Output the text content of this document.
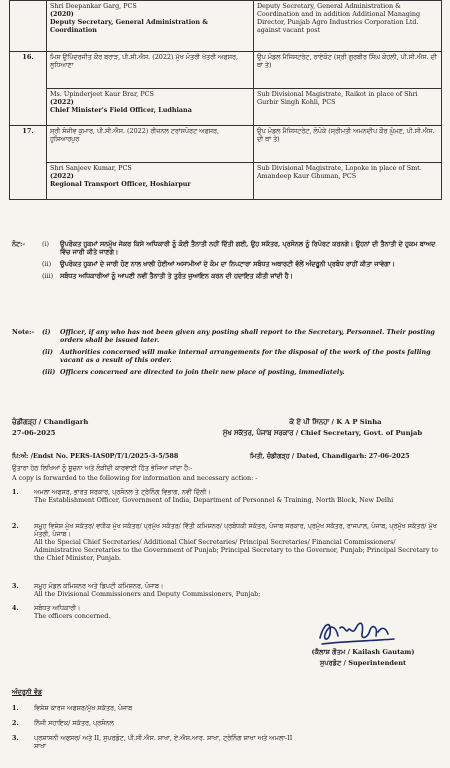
	Shri Deepankar Garg, PCS
(2020)
Deputy Secretary, General Administration & Coordination	Deputy Secretary, General Administration & Coordination and in addition Additional Managing Director, Punjab Agro Industries Corporation Ltd. against vacant post

16.	ਮਿਸ ਉਪਿੰਦਰਜੀਤ ਕੌਰ ਬਰਾੜ, ਪੀ.ਸੀ.ਐਸ. (2022) ਮੁੱਖ ਮੰਤਰੀ ਖੇਤਰੀ ਅਫਸਰ, ਲੁਧਿਆਣਾ	ਉਪ ਮੰਡਲ ਮੈਜਿਸਟਰੇਟ, ਰਾਏਕੋਟ (ਸ੍ਰੀ ਗੁਰਬੀਰ ਸਿੰਘ ਕੋਹਲੀ, ਪੀ.ਸੀ.ਐਸ. ਦੀ ਥਾਂ ਤੇ)

	Ms. Upinderjeet Kaur Brar, PCS
(2022)
Chief Minister's Field Officer, Ludhiana	Sub Divisional Magistrate, Raikot in place of Shri Gurbir Singh Kohli, PCS

17.	ਸ੍ਰੀ ਸੰਜੀਵ ਕੁਮਾਰ, ਪੀ.ਸੀ.ਐਸ. (2022) ਰੀਜਨਲ ਟਰਾਂਸਪੋਰਟ ਅਫਸਰ, ਹੁਸ਼ਿਆਰਪੁਰ	ਉਪ ਮੰਡਲ ਮੈਜਿਸਟਰੇਟ, ਲੋਪੋਕੇ (ਸ੍ਰੀਮਤੀ ਅਮਨਦੀਪ ਕੌਰ ਘੁੰਮਣ, ਪੀ.ਸੀ.ਐਸ. ਦੀ ਥਾਂ ਤੇ)

	Shri Sanjeev Kumar, PCS
(2022)
Regional Transport Officer, Hoshiarpur	Sub Divisional Magistrate, Lopoke in place of Smt. Amandeep Kaur Ghuman, PCS
ਨੋਟ:-	(i)	ਉਪਰੋਕਤ ਹੁਕਮਾਂ ਸਨਮੁੱਖ ਜੇਕਰ ਕਿਸੇ ਅਧਿਕਾਰੀ ਨੂੰ ਕੋਈ ਤੈਨਾਤੀ ਨਹੀਂ ਦਿੱਤੀ ਗਈ, ਉਹ ਸਕੱਤਰ, ਪ੍ਰਸੋਨਲ ਨੂੰ ਰਿਪੋਰਟ ਕਰਨਗੇ। ਉਹਨਾਂ ਦੀ ਤੈਨਾਤੀ ਦੇ ਹੁਕਮ ਬਾਅਦ ਵਿੱਚ ਜਾਰੀ ਕੀਤੇ ਜਾਣਗੇ।
(ii)	ਉਪਰੋਕਤ ਹੁਕਮਾਂ ਦੇ ਜਾਰੀ ਹੋਣ ਨਾਲ ਖਾਲੀ ਹੋਈਆਂ ਅਸਾਮੀਆਂ ਦੇ ਕੰਮ ਦਾ ਨਿਪਟਾਰਾ ਸਬੰਧਤ ਅਥਾਰਟੀ ਵੱਲੋਂ ਅੰਦਰੂਨੀ ਪ੍ਰਬੰਧ ਰਾਹੀਂ ਕੀਤਾ ਜਾਵੇਗਾ।
(iii)	ਸਬੰਧਤ ਅਧਿਕਾਰੀਆਂ ਨੂੰ ਆਪਣੀ ਨਵੀਂ ਤੈਨਾਤੀ ਤੇ ਤੁਰੰਤ ਜੁਆਇਨ ਕਰਨ ਦੀ ਹਦਾਇਤ ਕੀਤੀ ਜਾਂਦੀ ਹੈ।
Note:-	(i)	Officer, if any who has not been given any posting shall report to the Secretary, Personnel. Their posting orders shall be issued later.
(ii)	Authorities concerned will make internal arrangements for the disposal of the work of the posts falling vacant as a result of this order.
(iii) Officers concerned are directed to join their new place of posting, immediately.
ਚੰਡੀਗੜ੍ਹ / Chandigarh
27-06-2025
ਕੇ ਏ ਪੀ ਸਿਨਹਾ / K A P Sinha
ਮੁੱਖ ਸਕੱਤਰ, ਪੰਜਾਬ ਸਰਕਾਰ / Chief Secretary, Govt. of Punjab
ਪਿ:ਅੰ: /Endst No. PERS-IAS0P/T/1/2025-3-5/588	ਮਿਤੀ, ਚੰਡੀਗੜ੍ਹ / Dated, Chandigarh: 27-06-2025
ਉਤਾਰਾ ਹੇਠ ਲਿਖਿਆਂ ਨੂੰ ਸੂਚਨਾ ਅਤੇ ਲੋੜੀਂਦੀ ਕਾਰਵਾਈ ਹਿੱਤ ਭੇਜਿਆ ਜਾਂਦਾ ਹੈ:-
A copy is forwarded to the following for information and necessary action: -
1. ਅਮਲਾ ਅਫਸਰ, ਭਾਰਤ ਸਰਕਾਰ, ਪ੍ਰਸੋਨਲ ਤੇ ਟ੍ਰੇਨਿੰਗ ਵਿਭਾਗ, ਨਵੀਂ ਦਿੱਲੀ।
The Establishment Officer, Government of India, Department of Personnel & Training, North Block, New Delhi
2.	ਸਮੂਹ ਵਿਸ਼ੇਸ਼ ਮੁੱਖ ਸਕੱਤਰ/ ਵਧੀਕ ਮੁੱਖ ਸਕੱਤਰ/ ਪ੍ਰਮੁੱਖ ਸਕੱਤਰ/ ਵਿੱਤੀ ਕਮਿਸ਼ਨਰ/ ਪ੍ਰਬੰਧਕੀ ਸਕੱਤਰ, ਪੰਜਾਬ ਸਰਕਾਰ, ਪ੍ਰਮੁੱਖ ਸਕੱਤਰ, ਰਾਜਪਾਲ, ਪੰਜਾਬ, ਪ੍ਰਮੁੱਖ ਸਕੱਤਰ/ ਮੁੱਖ ਮੰਤਰੀ, ਪੰਜਾਬ।
All the Special Chief Secretaries/ Additional Chief Secretaries/ Principal Secretaries/ Financial Commissioners/ Administrative Secretaries to the Government of Punjab; Principal Secretary to the Governor, Punjab; Principal Secretary to the Chief Minister, Punjab.
3. ਸਮੂਹ ਮੰਡਲ ਕਮਿਸ਼ਨਰ ਅਤੇ ਡਿਪਟੀ ਕਮਿਸ਼ਨਰ, ਪੰਜਾਬ।
All the Divisional Commissioners and Deputy Commissioners, Punjab;
4. ਸਬੰਧਤ ਅਧਿਕਾਰੀ।
The officers concerned.
(ਕੈਲਾਸ਼ ਗੌਤਮ / Kailash Gautam)
ਸੁਪਰਡੰਟ / Superintendent
ਅੰਦਰੂਨੀ ਵੰਡ
1. ਵਿਸ਼ੇਸ਼ ਕਾਰਜ ਅਫਸਰ/ਮੁੱਖ ਸਕੱਤਰ, ਪੰਜਾਬ
2. ਨਿੱਜੀ ਸਹਾਇਕ/ ਸਕੱਤਰ, ਪ੍ਰਸੋਨਲ
3.	ਪ੍ਰਸ਼ਾਸਨੀ ਅਫਸਰ/ ਅਤੇ II, ਸੁਪਰਡੰਟ, ਪੀ.ਸੀ.ਐਸ. ਸ਼ਾਖਾ, ਏ.ਐਸ.ਆਰ. ਸ਼ਾਖਾ, ਟ੍ਰੇਨਿੰਗ ਸ਼ਾਖਾ ਅਤੇ ਅਮਲਾ-II ਸ਼ਾਖਾ
